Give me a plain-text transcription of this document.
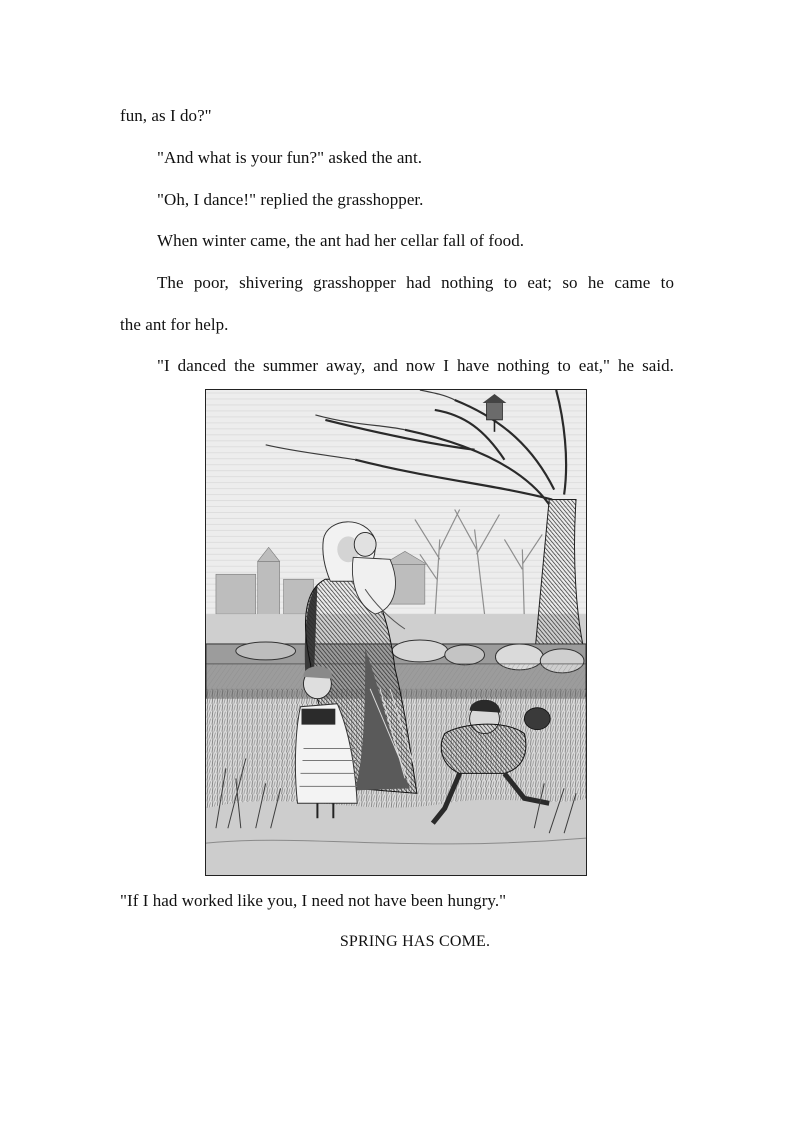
fun, as I do?"
"And what is your fun?" asked the ant.
"Oh, I dance!" replied the grasshopper.
When winter came, the ant had her cellar fall of food.
The poor, shivering grasshopper had nothing to eat; so he came to
the ant for help.
"I danced the summer away, and now I have nothing to eat," he said.
"If I had worked like you, I need not have been hungry."
SPRING HAS COME.
